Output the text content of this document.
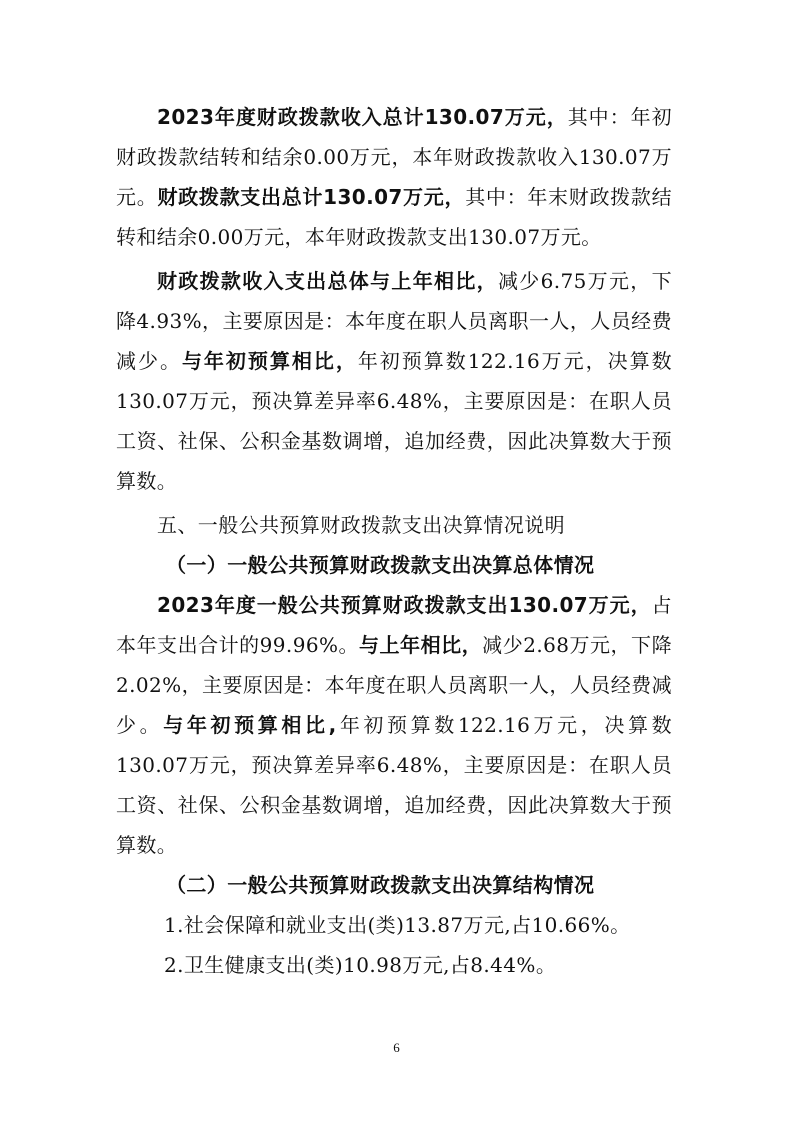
2023年度财政拨款收入总计130.07万元，其中：年初财政拨款结转和结余0.00万元，本年财政拨款收入130.07万元。财政拨款支出总计130.07万元，其中：年末财政拨款结转和结余0.00万元，本年财政拨款支出130.07万元。

财政拨款收入支出总体与上年相比，减少6.75万元，下降4.93%，主要原因是：本年度在职人员离职一人，人员经费减少。与年初预算相比，年初预算数122.16万元，决算数130.07万元，预决算差异率6.48%，主要原因是：在职人员工资、社保、公积金基数调增，追加经费，因此决算数大于预算数。

五、一般公共预算财政拨款支出决算情况说明

（一）一般公共预算财政拨款支出决算总体情况

2023年度一般公共预算财政拨款支出130.07万元，占本年支出合计的99.96%。与上年相比，减少2.68万元，下降2.02%，主要原因是：本年度在职人员离职一人，人员经费减少。与年初预算相比,年初预算数122.16万元，决算数130.07万元，预决算差异率6.48%，主要原因是：在职人员工资、社保、公积金基数调增，追加经费，因此决算数大于预算数。

（二）一般公共预算财政拨款支出决算结构情况

1.社会保障和就业支出(类)13.87万元,占10.66%。

2.卫生健康支出(类)10.98万元,占8.44%。

6
